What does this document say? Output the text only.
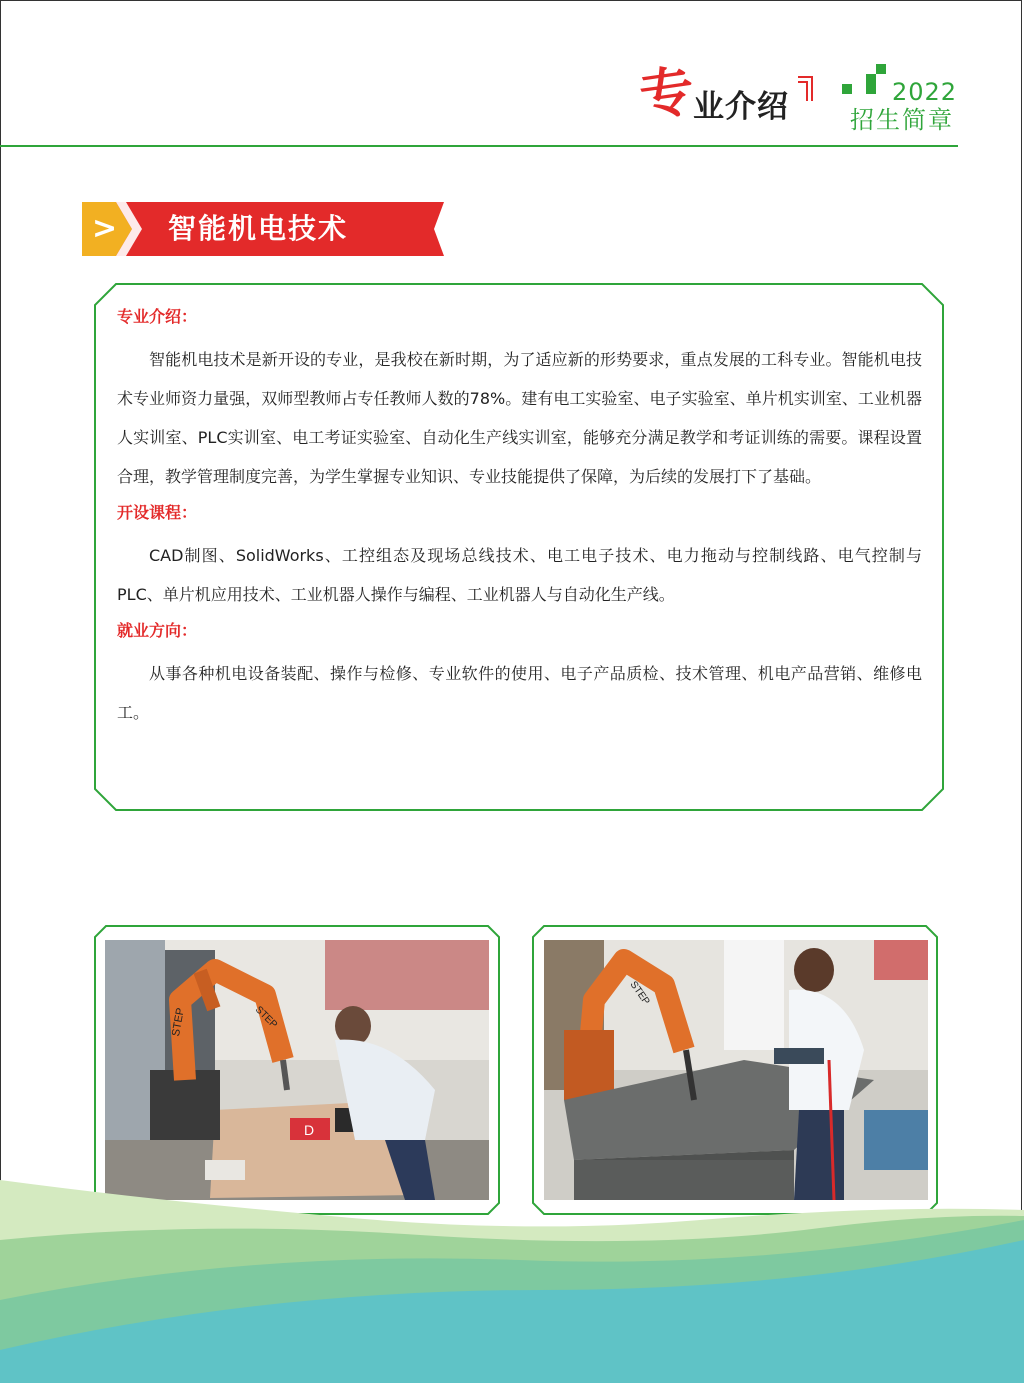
专
业介绍	2022
招生简章
> 智能机电技术
专业介绍：

智能机电技术是新开设的专业，是我校在新时期，为了适应新的形势要求，重点发展的工科专业。智能机电技术专业师资力量强，双师型教师占专任教师人数的78%。建有电工实验室、电子实验室、单片机实训室、工业机器人实训室、PLC实训室、电工考证实验室、自动化生产线实训室，能够充分满足教学和考证训练的需要。课程设置合理，教学管理制度完善，为学生掌握专业知识、专业技能提供了保障，为后续的发展打下了基础。

开设课程：

CAD制图、SolidWorks、工控组态及现场总线技术、电工电子技术、电力拖动与控制线路、电气控制与PLC、单片机应用技术、工业机器人操作与编程、工业机器人与自动化生产线。

就业方向：

从事各种机电设备装配、操作与检修、专业软件的使用、电子产品质检、技术管理、机电产品营销、维修电工。

STEP	STEP
D
STEP
